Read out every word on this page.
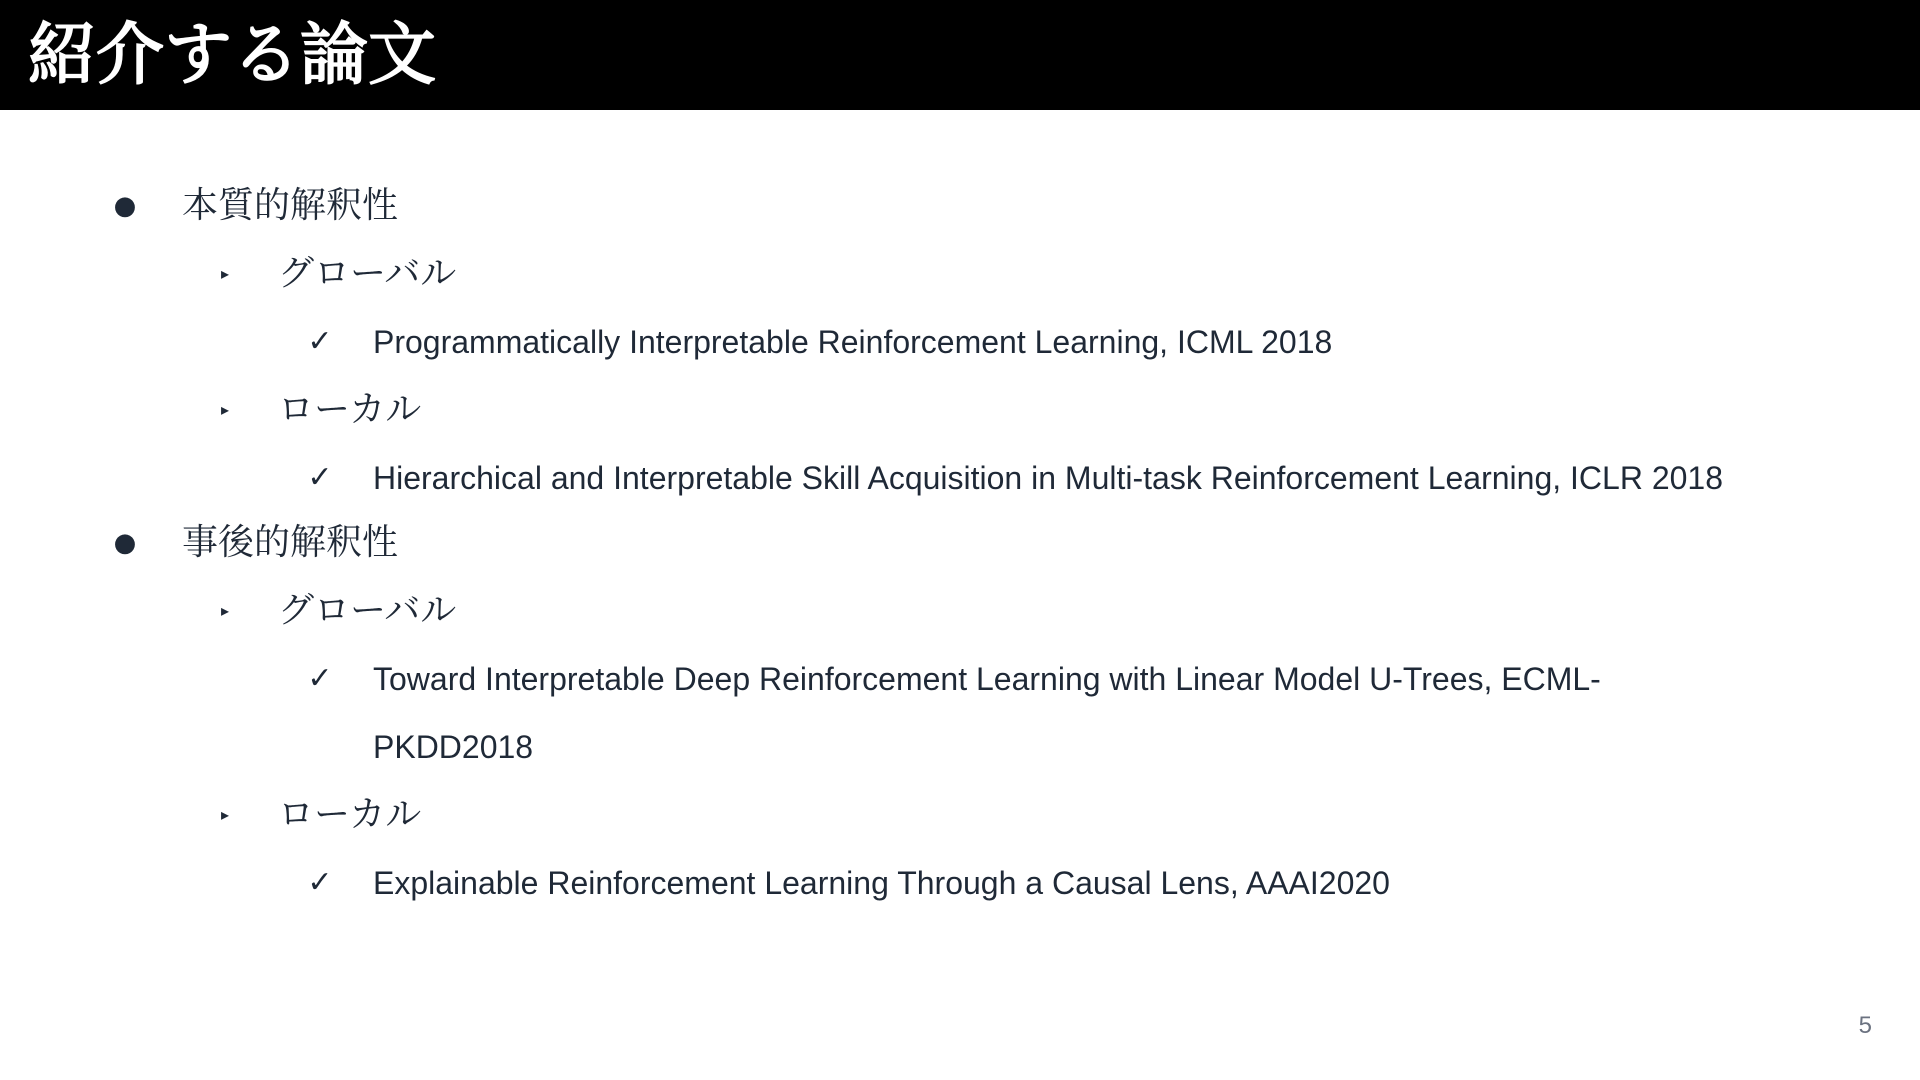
紹介する論文
● 本質的解釈性
▸ グローバル
✓ Programmatically Interpretable Reinforcement Learning, ICML 2018
▸ ローカル
✓ Hierarchical and Interpretable Skill Acquisition in Multi-task Reinforcement Learning, ICLR 2018
● 事後的解釈性
▸ グローバル
✓ Toward Interpretable Deep Reinforcement Learning with Linear Model U-Trees, ECML-
PKDD2018
▸ ローカル
✓ Explainable Reinforcement Learning Through a Causal Lens, AAAI2020
5
